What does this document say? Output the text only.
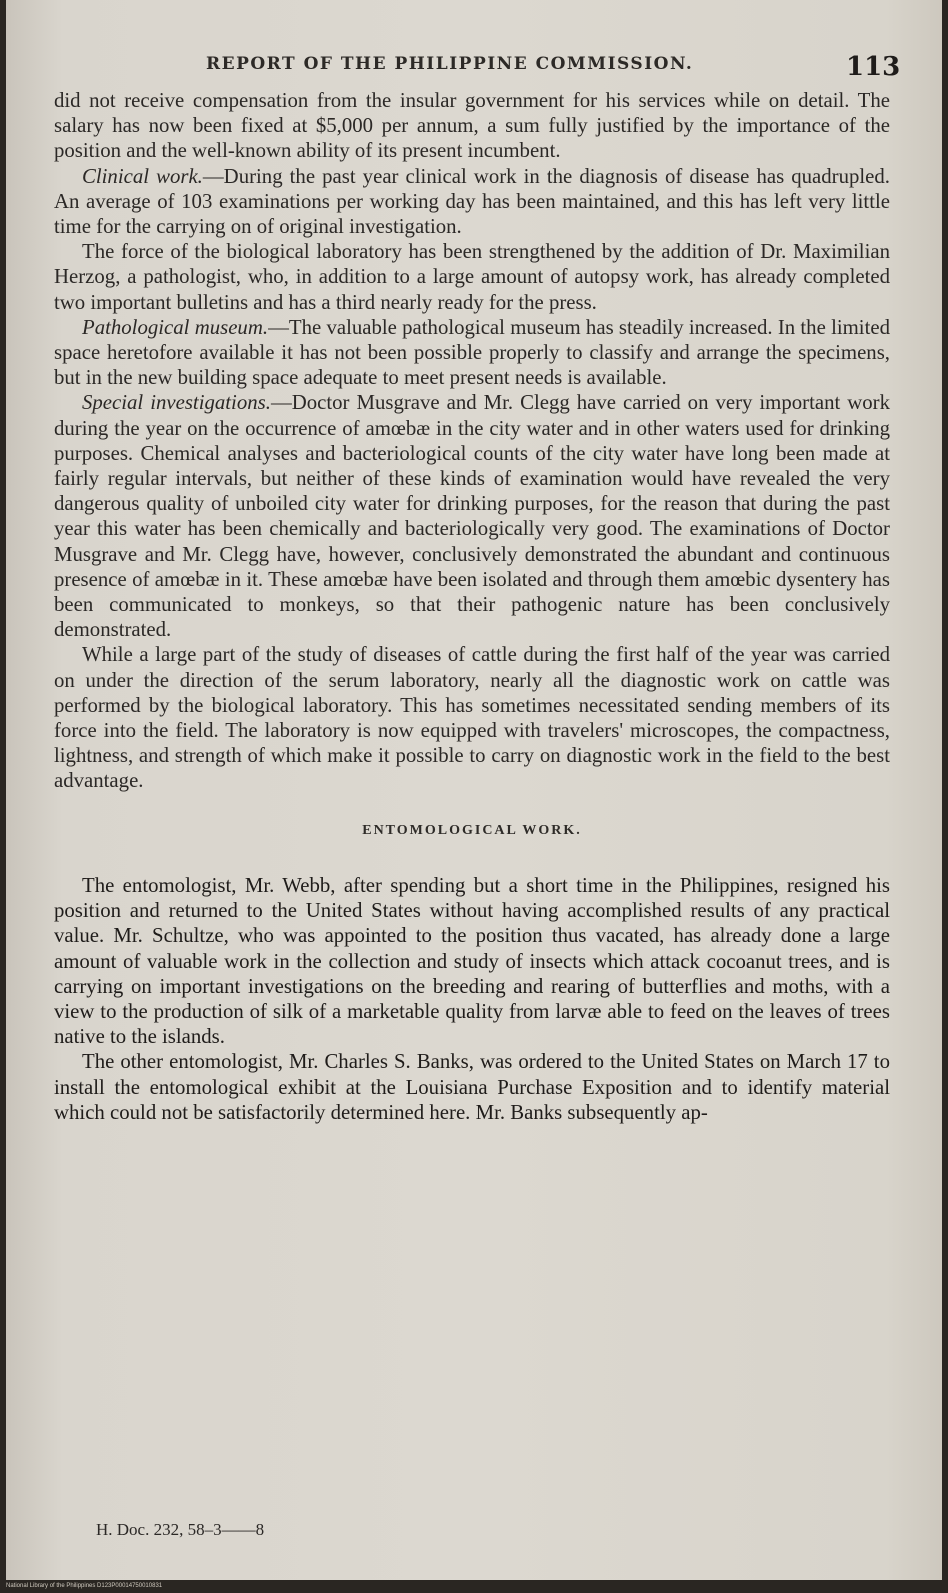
REPORT OF THE PHILIPPINE COMMISSION.	113

did not receive compensation from the insular government for his services while on detail. The salary has now been fixed at $5,000 per annum, a sum fully justified by the importance of the position and the well-known ability of its present incumbent.

Clinical work.—During the past year clinical work in the diagnosis of disease has quadrupled. An average of 103 examinations per working day has been maintained, and this has left very little time for the carrying on of original investigation.

The force of the biological laboratory has been strengthened by the addition of Dr. Maximilian Herzog, a pathologist, who, in addition to a large amount of autopsy work, has already completed two important bulletins and has a third nearly ready for the press.

Pathological museum.—The valuable pathological museum has steadily increased. In the limited space heretofore available it has not been possible properly to classify and arrange the specimens, but in the new building space adequate to meet present needs is available.

Special investigations.—Doctor Musgrave and Mr. Clegg have carried on very important work during the year on the occurrence of amœbæ in the city water and in other waters used for drinking purposes. Chemical analyses and bacteriological counts of the city water have long been made at fairly regular intervals, but neither of these kinds of examination would have revealed the very dangerous quality of unboiled city water for drinking purposes, for the reason that during the past year this water has been chemically and bacteriologically very good. The examinations of Doctor Musgrave and Mr. Clegg have, however, conclusively demonstrated the abundant and continuous presence of amœbæ in it. These amœbæ have been isolated and through them amœbic dysentery has been communicated to monkeys, so that their pathogenic nature has been conclusively demonstrated.

While a large part of the study of diseases of cattle during the first half of the year was carried on under the direction of the serum laboratory, nearly all the diagnostic work on cattle was performed by the biological laboratory. This has sometimes necessitated sending members of its force into the field. The laboratory is now equipped with travelers' microscopes, the compactness, lightness, and strength of which make it possible to carry on diagnostic work in the field to the best advantage.

ENTOMOLOGICAL WORK.

The entomologist, Mr. Webb, after spending but a short time in the Philippines, resigned his position and returned to the United States without having accomplished results of any practical value. Mr. Schultze, who was appointed to the position thus vacated, has already done a large amount of valuable work in the collection and study of insects which attack cocoanut trees, and is carrying on important investigations on the breeding and rearing of butterflies and moths, with a view to the production of silk of a marketable quality from larvæ able to feed on the leaves of trees native to the islands.

The other entomologist, Mr. Charles S. Banks, was ordered to the United States on March 17 to install the entomological exhibit at the Louisiana Purchase Exposition and to identify material which could not be satisfactorily determined here. Mr. Banks subsequently ap-

H. Doc. 232, 58–3——8
National Library of the Philippines D123P00014750010831
